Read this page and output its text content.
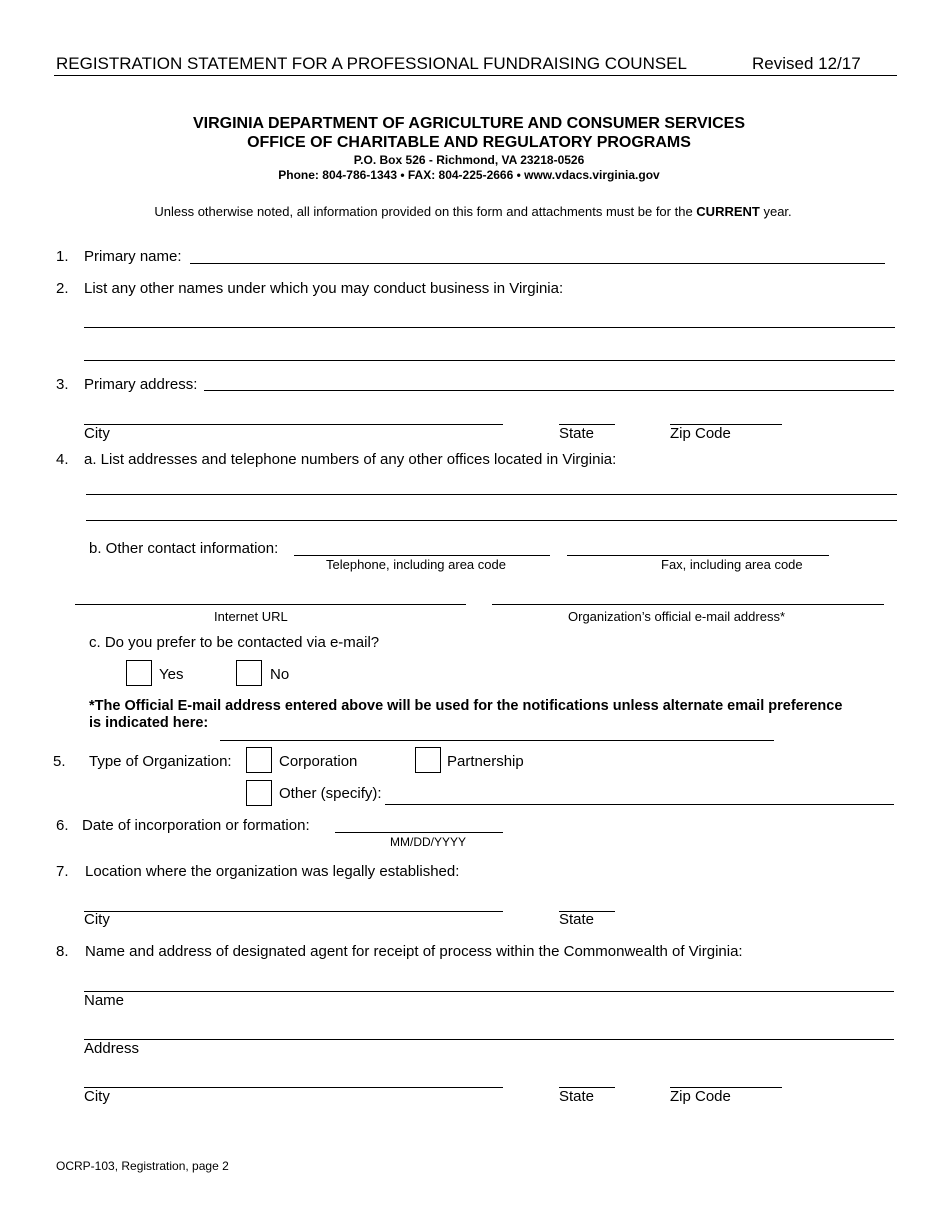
REGISTRATION STATEMENT FOR A PROFESSIONAL FUNDRAISING COUNSEL	Revised 12/17
VIRGINIA DEPARTMENT OF AGRICULTURE AND CONSUMER SERVICES
OFFICE OF CHARITABLE AND REGULATORY PROGRAMS
P.O. Box 526 - Richmond, VA 23218-0526
Phone: 804-786-1343 • FAX: 804-225-2666 • www.vdacs.virginia.gov
Unless otherwise noted, all information provided on this form and attachments must be for the CURRENT year.
1. Primary name:
2. List any other names under which you may conduct business in Virginia:
3. Primary address:
City	State	Zip Code
4. a. List addresses and telephone numbers of any other offices located in Virginia:
b. Other contact information:
Telephone, including area code	Fax, including area code
Internet URL	Organization’s official e-mail address*
c. Do you prefer to be contacted via e-mail?
Yes	No
*The Official E-mail address entered above will be used for the notifications unless alternate email preference
is indicated here:
5. Type of Organization:	Corporation	Partnership
Other (specify):
6. Date of incorporation or formation:
MM/DD/YYYY
7. Location where the organization was legally established:
City	State
8. Name and address of designated agent for receipt of process within the Commonwealth of Virginia:
Name
Address
City	State	Zip Code
OCRP-103, Registration, page 2
